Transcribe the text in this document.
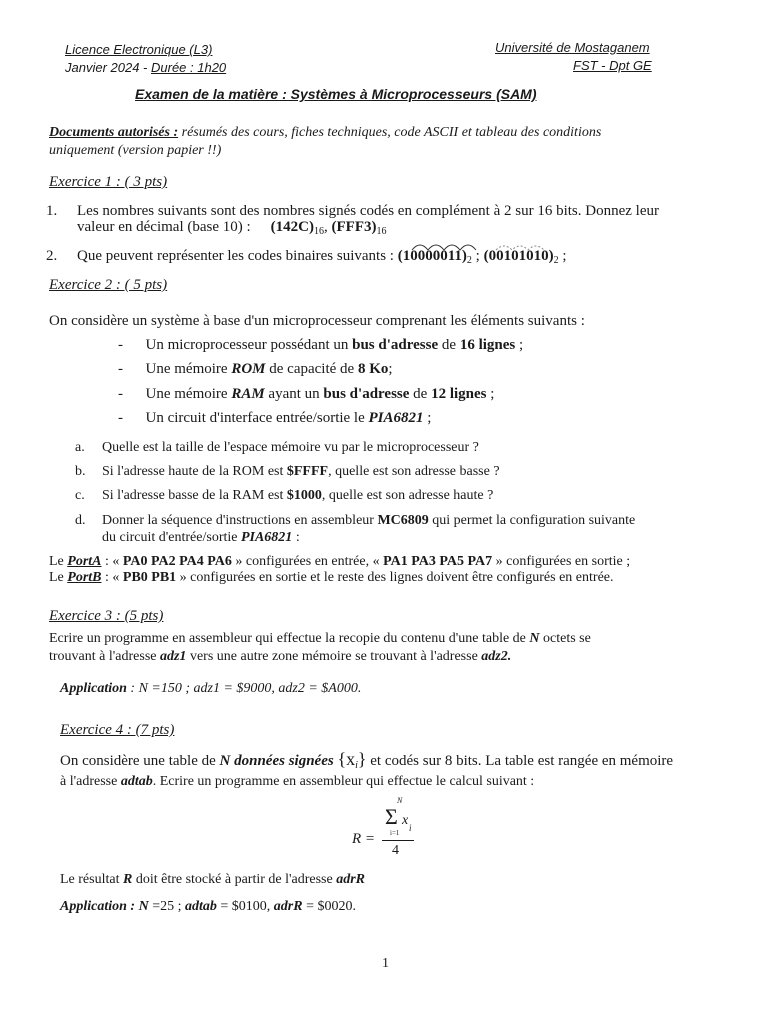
Licence Electronique (L3)
Janvier 2024 - Durée : 1h20
Université de Mostaganem
FST - Dpt GE
Examen de la matière : Systèmes à Microprocesseurs (SAM)
Documents autorisés : résumés des cours, fiches techniques, code ASCII et tableau des conditions
uniquement (version papier !!)
Exercice 1 : ( 3 pts)
1. Les nombres suivants sont des nombres signés codés en complément à 2 sur 16 bits. Donnez leur
valeur en décimal (base 10) : $(142C)_{16}$, $(FFF3)_{16}$
2. Que peuvent représenter les codes binaires suivants : $(10000011)_2$ ; $(00101010)_2$ ;
Exercice 2 : ( 5 pts)
On considère un système à base d'un microprocesseur comprenant les éléments suivants :
-      Un microprocesseur possédant un bus d'adresse de 16 lignes ;
-      Une mémoire ROM de capacité de 8 Ko;
-      Une mémoire RAM ayant un bus d'adresse de 12 lignes ;
-      Un circuit d'interface entrée/sortie le PIA6821 ;
a. Quelle est la taille de l'espace mémoire vu par le microprocesseur ?
b. Si l'adresse haute de la ROM est $FFFF, quelle est son adresse basse ?
c. Si l'adresse basse de la RAM est $1000, quelle est son adresse haute ?
d. Donner la séquence d'instructions en assembleur MC6809 qui permet la configuration suivante
du circuit d'entrée/sortie PIA6821 :
Le PortA : « PA0 PA2 PA4 PA6 » configurées en entrée, « PA1 PA3 PA5 PA7 » configurées en sortie ;
Le PortB : « PB0 PB1 » configurées en sortie et le reste des lignes doivent être configurés en entrée.
Exercice 3 : (5 pts)
Ecrire un programme en assembleur qui effectue la recopie du contenu d'une table de N octets se
trouvant à l'adresse adz1 vers une autre zone mémoire se trouvant à l'adresse adz2.
Application : N =150 ; adz1 = $9000, adz2 = $A000.
Exercice 4 : (7 pts)
On considère une table de N données signées $\{x_i\}$ et codés sur 8 bits. La table est rangée en mémoire
à l'adresse adtab. Ecrire un programme en assembleur qui effectue le calcul suivant :
R =
N
Σ x i
i=1
4
Le résultat R doit être stocké à partir de l'adresse adrR
Application : N =25 ; adtab = $0100, adrR = $0020.
1
